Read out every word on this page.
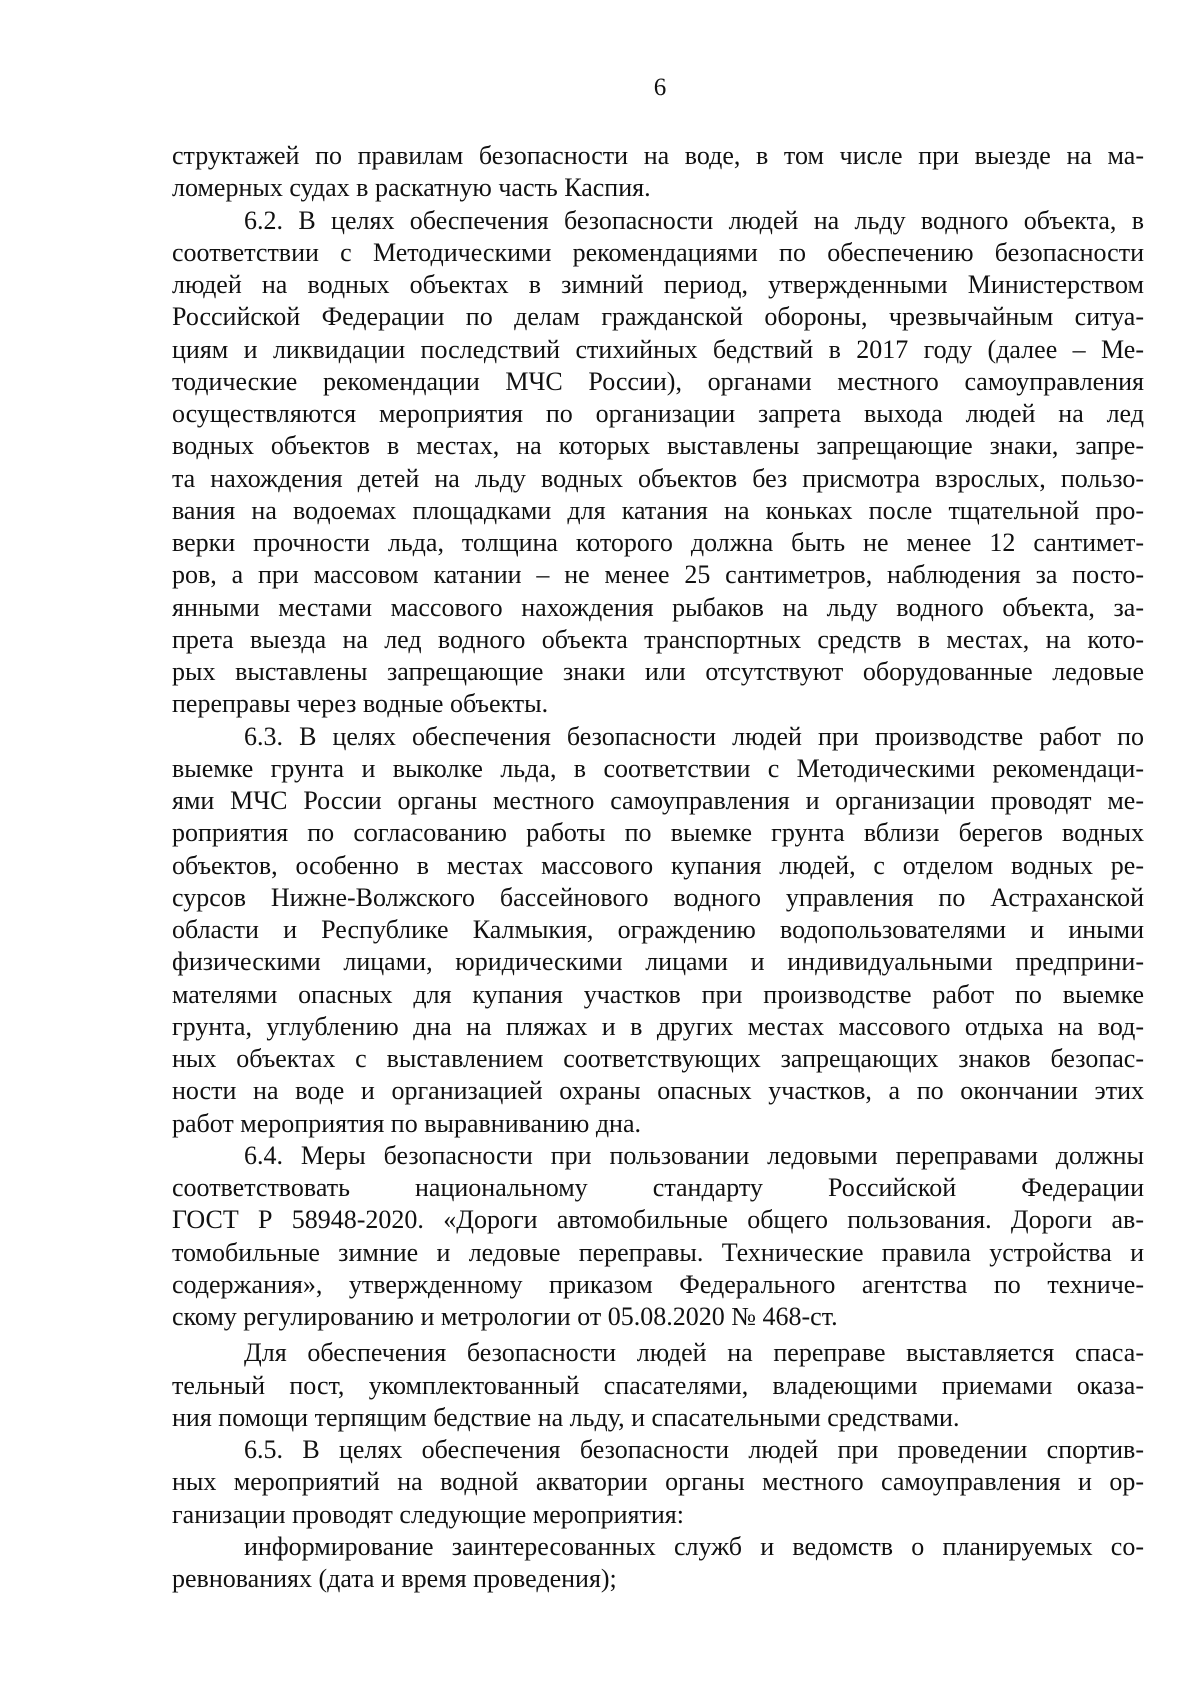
6

структажей по правилам безопасности на воде, в том числе при выезде на ма-
ломерных судах в раскатную часть Каспия.

6.2. В целях обеспечения безопасности людей на льду водного объекта, в
соответствии с Методическими рекомендациями по обеспечению безопасности
людей на водных объектах в зимний период, утвержденными Министерством
Российской Федерации по делам гражданской обороны, чрезвычайным ситуа-
циям и ликвидации последствий стихийных бедствий в 2017 году (далее – Ме-
тодические рекомендации МЧС России), органами местного самоуправления
осуществляются мероприятия по организации запрета выхода людей на лед
водных объектов в местах, на которых выставлены запрещающие знаки, запре-
та нахождения детей на льду водных объектов без присмотра взрослых, пользо-
вания на водоемах площадками для катания на коньках после тщательной про-
верки прочности льда, толщина которого должна быть не менее 12 сантимет-
ров, а при массовом катании – не менее 25 сантиметров, наблюдения за посто-
янными местами массового нахождения рыбаков на льду водного объекта, за-
прета выезда на лед водного объекта транспортных средств в местах, на кото-
рых выставлены запрещающие знаки или отсутствуют оборудованные ледовые
переправы через водные объекты.

6.3. В целях обеспечения безопасности людей при производстве работ по
выемке грунта и выколке льда, в соответствии с Методическими рекомендаци-
ями МЧС России органы местного самоуправления и организации проводят ме-
роприятия по согласованию работы по выемке грунта вблизи берегов водных
объектов, особенно в местах массового купания людей, с отделом водных ре-
сурсов Нижне-Волжского бассейнового водного управления по Астраханской
области и Республике Калмыкия, ограждению водопользователями и иными
физическими лицами, юридическими лицами и индивидуальными предприни-
мателями опасных для купания участков при производстве работ по выемке
грунта, углублению дна на пляжах и в других местах массового отдыха на вод-
ных объектах с выставлением соответствующих запрещающих знаков безопас-
ности на воде и организацией охраны опасных участков, а по окончании этих
работ мероприятия по выравниванию дна.

6.4. Меры безопасности при пользовании ледовыми переправами должны
соответствовать национальному стандарту Российской Федерации
ГОСТ Р 58948-2020. «Дороги автомобильные общего пользования. Дороги ав-
томобильные зимние и ледовые переправы. Технические правила устройства и
содержания», утвержденному приказом Федерального агентства по техниче-
скому регулированию и метрологии от 05.08.2020 № 468-ст.

Для обеспечения безопасности людей на переправе выставляется спаса-
тельный пост, укомплектованный спасателями, владеющими приемами оказа-
ния помощи терпящим бедствие на льду, и спасательными средствами.

6.5. В целях обеспечения безопасности людей при проведении спортив-
ных мероприятий на водной акватории органы местного самоуправления и ор-
ганизации проводят следующие мероприятия:

информирование заинтересованных служб и ведомств о планируемых со-
ревнованиях (дата и время проведения);
